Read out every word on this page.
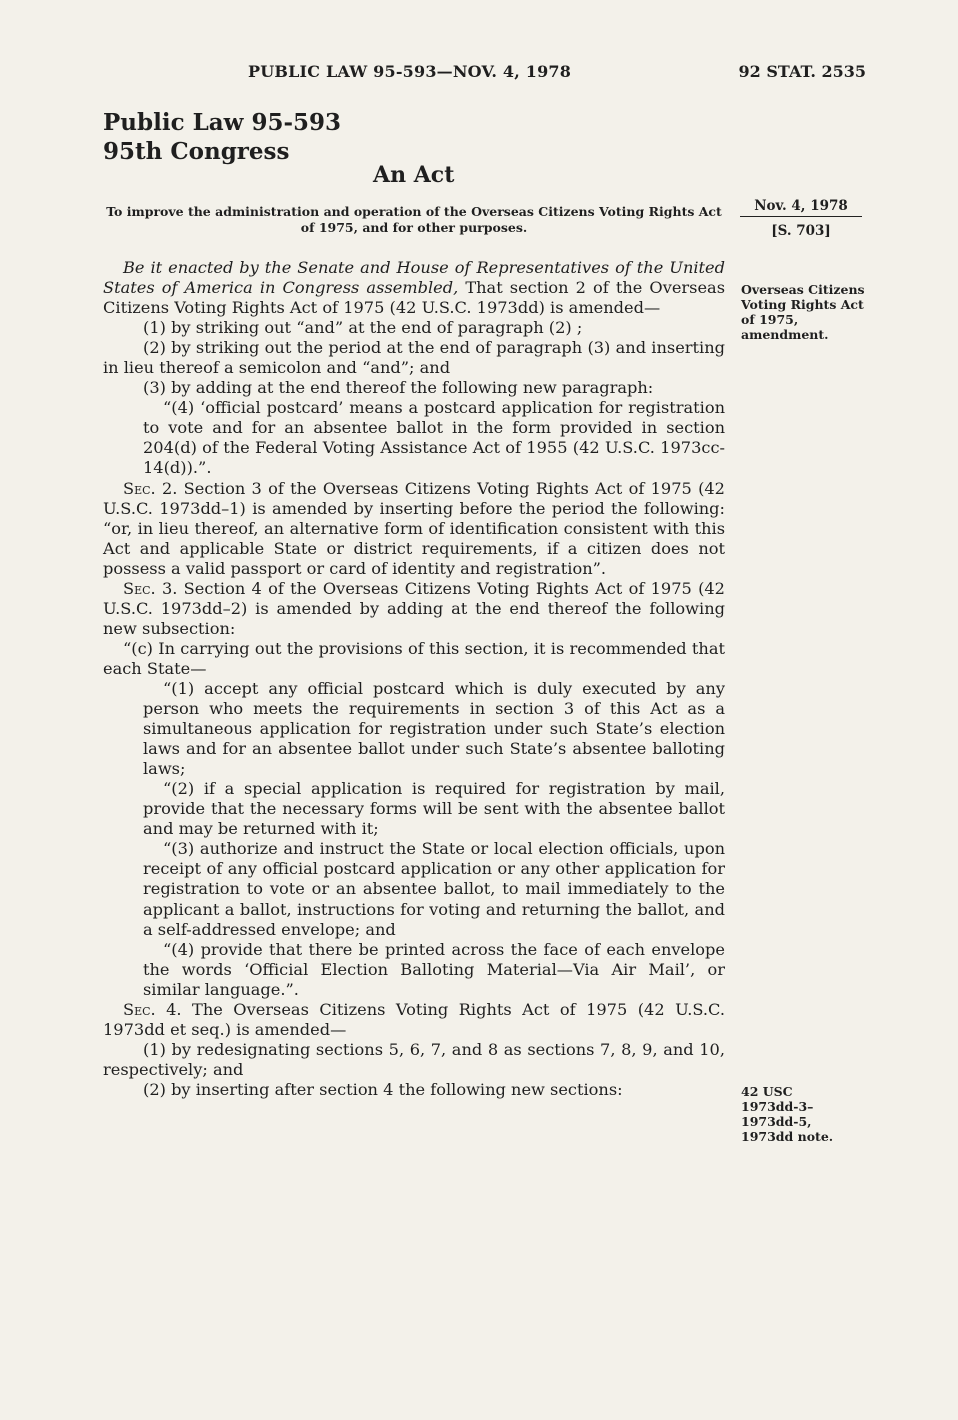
PUBLIC LAW 95-593—NOV. 4, 1978	92 STAT. 2535
Public Law 95-593
95th Congress
An Act
To improve the administration and operation of the Overseas Citizens Voting Rights Act of 1975, and for other purposes.
Nov. 4, 1978
[S. 703]
Overseas Citizens
Voting Rights Act
of 1975,
amendment.
42 USC
1973dd-3–
1973dd-5,
1973dd note.

Be it enacted by the Senate and House of Representatives of the United States of America in Congress assembled, That section 2 of the Overseas Citizens Voting Rights Act of 1975 (42 U.S.C. 1973dd) is amended—

(1) by striking out “and” at the end of paragraph (2) ;

(2) by striking out the period at the end of paragraph (3) and inserting in lieu thereof a semicolon and “and”; and

(3) by adding at the end thereof the following new paragraph:

“(4) ‘official postcard’ means a postcard application for registration to vote and for an absentee ballot in the form provided in section 204(d) of the Federal Voting Assistance Act of 1955 (42 U.S.C. 1973cc-14(d)).”.

Sec. 2. Section 3 of the Overseas Citizens Voting Rights Act of 1975 (42 U.S.C. 1973dd–1) is amended by inserting before the period the following: “or, in lieu thereof, an alternative form of identification consistent with this Act and applicable State or district requirements, if a citizen does not possess a valid passport or card of identity and registration”.

Sec. 3. Section 4 of the Overseas Citizens Voting Rights Act of 1975 (42 U.S.C. 1973dd–2) is amended by adding at the end thereof the following new subsection:

“(c) In carrying out the provisions of this section, it is recommended that each State—

“(1) accept any official postcard which is duly executed by any person who meets the requirements in section 3 of this Act as a simultaneous application for registration under such State’s election laws and for an absentee ballot under such State’s absentee balloting laws;

“(2) if a special application is required for registration by mail, provide that the necessary forms will be sent with the absentee ballot and may be returned with it;

“(3) authorize and instruct the State or local election officials, upon receipt of any official postcard application or any other application for registration to vote or an absentee ballot, to mail immediately to the applicant a ballot, instructions for voting and returning the ballot, and a self-addressed envelope; and

“(4) provide that there be printed across the face of each envelope the words ‘Official Election Balloting Material—Via Air Mail’, or similar language.”.

Sec. 4. The Overseas Citizens Voting Rights Act of 1975 (42 U.S.C. 1973dd et seq.) is amended—

(1) by redesignating sections 5, 6, 7, and 8 as sections 7, 8, 9, and 10, respectively; and

(2) by inserting after section 4 the following new sections:
